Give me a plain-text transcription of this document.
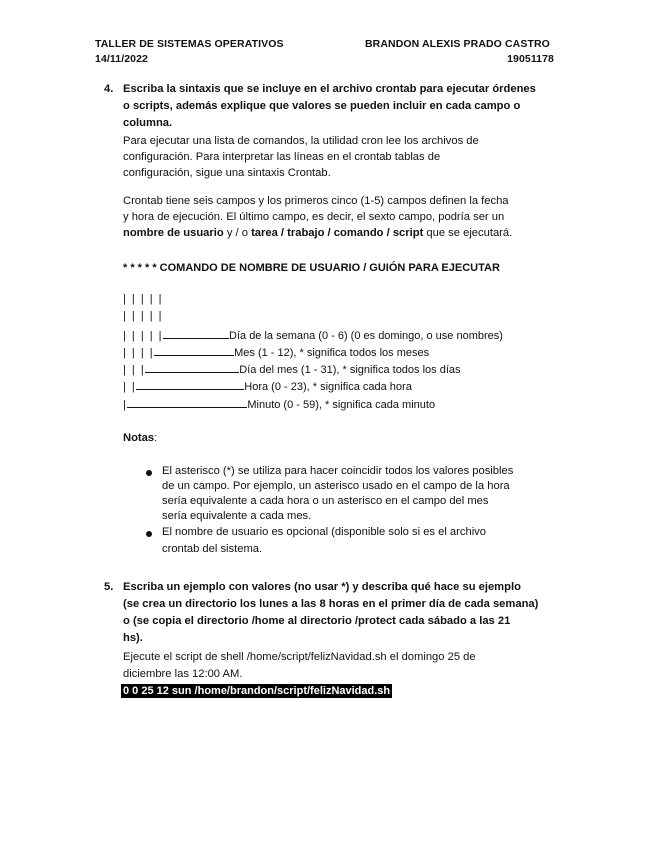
TALLER DE SISTEMAS OPERATIVOS
14/11/2022
BRANDON ALEXIS PRADO CASTRO
19051178
4. Escriba la sintaxis que se incluye en el archivo crontab para ejecutar órdenes
o scripts, además explique que valores se pueden incluir en cada campo o
columna.
Para ejecutar una lista de comandos, la utilidad cron lee los archivos de
configuración. Para interpretar las líneas en el crontab tablas de
configuración, sigue una sintaxis Crontab.
Crontab tiene seis campos y los primeros cinco (1-5) campos definen la fecha
y hora de ejecución. El último campo, es decir, el sexto campo, podría ser un
nombre de usuario y / o tarea / trabajo / comando / script que se ejecutará.
* * * * * COMANDO DE NOMBRE DE USUARIO / GUIÓN PARA EJECUTAR
| | | | |
| | | | |
| | | | |	Día de la semana (0 - 6) (0 es domingo, o use nombres)
| | | |	Mes (1 - 12), * significa todos los meses
| | |	Día del mes (1 - 31), * significa todos los días
| |	Hora (0 - 23), * significa cada hora
|	Minuto (0 - 59), * significa cada minuto
Notas:
El asterisco (*) se utiliza para hacer coincidir todos los valores posibles
de un campo. Por ejemplo, un asterisco usado en el campo de la hora
sería equivalente a cada hora o un asterisco en el campo del mes
sería equivalente a cada mes.
El nombre de usuario es opcional (disponible solo si es el archivo
crontab del sistema.
5. Escriba un ejemplo con valores (no usar *) y describa qué hace su ejemplo
(se crea un directorio los lunes a las 8 horas en el primer día de cada semana)
o (se copia el directorio /home al directorio /protect cada sábado a las 21
hs).
Ejecute el script de shell /home/script/felizNavidad.sh el domingo 25 de
diciembre las 12:00 AM.
0 0 25 12 sun /home/brandon/script/felizNavidad.sh
